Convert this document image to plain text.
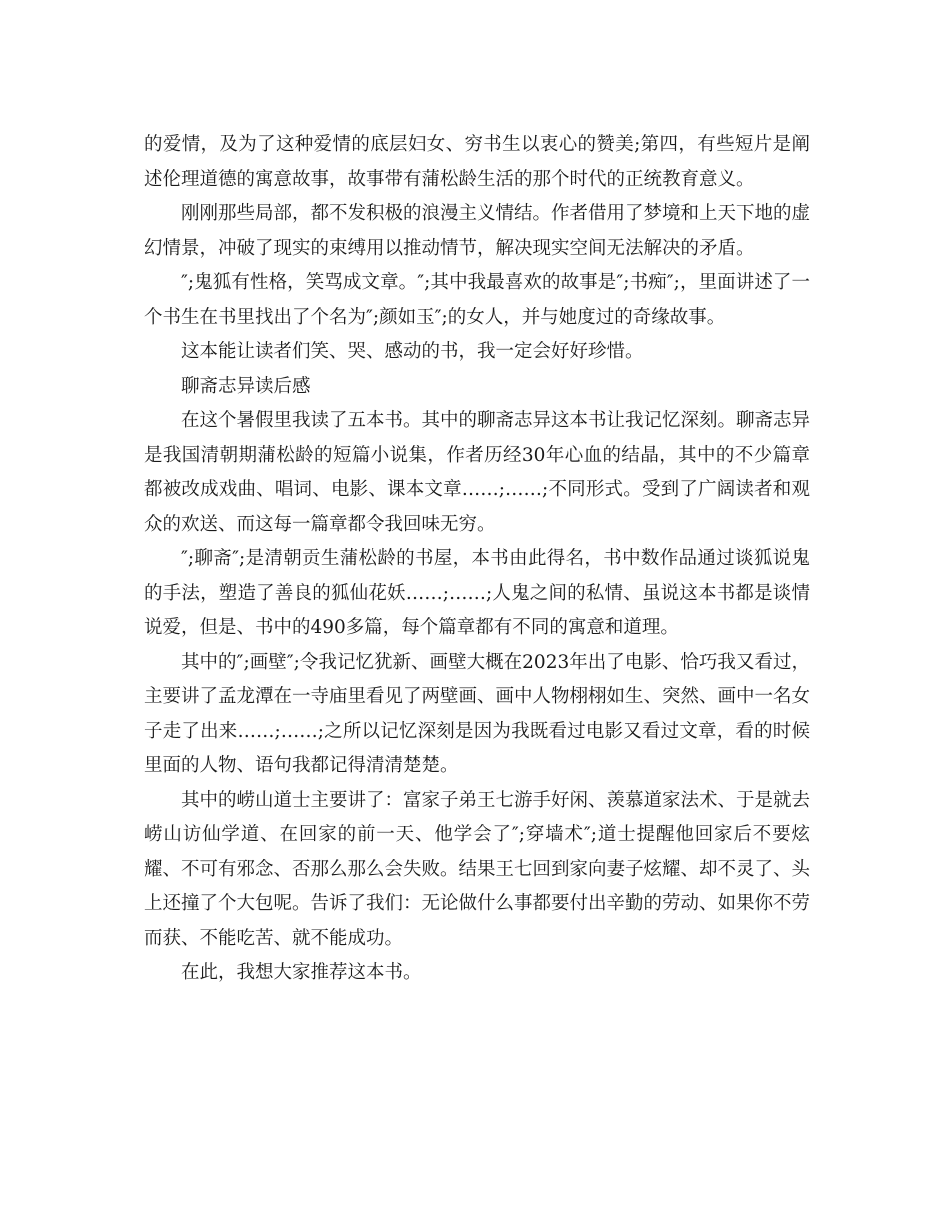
的爱情，及为了这种爱情的底层妇女、穷书生以衷心的赞美;第四，有些短片是阐述伦理道德的寓意故事，故事带有蒲松龄生活的那个时代的正统教育意义。

刚刚那些局部，都不发积极的浪漫主义情结。作者借用了梦境和上天下地的虚幻情景，冲破了现实的束缚用以推动情节，解决现实空间无法解决的矛盾。

″;鬼狐有性格，笑骂成文章。″;其中我最喜欢的故事是″;书痴″;，里面讲述了一个书生在书里找出了个名为″;颜如玉″;的女人，并与她度过的奇缘故事。

这本能让读者们笑、哭、感动的书，我一定会好好珍惜。

聊斋志异读后感

在这个暑假里我读了五本书。其中的聊斋志异这本书让我记忆深刻。聊斋志异是我国清朝期蒲松龄的短篇小说集，作者历经30年心血的结晶，其中的不少篇章都被改成戏曲、唱词、电影、课本文章……;……;不同形式。受到了广阔读者和观众的欢送、而这每一篇章都令我回味无穷。

″;聊斋″;是清朝贡生蒲松龄的书屋，本书由此得名，书中数作品通过谈狐说鬼的手法，塑造了善良的狐仙花妖……;……;人鬼之间的私情、虽说这本书都是谈情说爱，但是、书中的490多篇，每个篇章都有不同的寓意和道理。

其中的″;画壁″;令我记忆犹新、画壁大概在2023年出了电影、恰巧我又看过，主要讲了孟龙潭在一寺庙里看见了两壁画、画中人物栩栩如生、突然、画中一名女子走了出来……;……;之所以记忆深刻是因为我既看过电影又看过文章，看的时候里面的人物、语句我都记得清清楚楚。

其中的崂山道士主要讲了：富家子弟王七游手好闲、羡慕道家法术、于是就去崂山访仙学道、在回家的前一天、他学会了″;穿墙术″;道士提醒他回家后不要炫耀、不可有邪念、否那么那么会失败。结果王七回到家向妻子炫耀、却不灵了、头上还撞了个大包呢。告诉了我们：无论做什么事都要付出辛勤的劳动、如果你不劳而获、不能吃苦、就不能成功。

在此，我想大家推荐这本书。
